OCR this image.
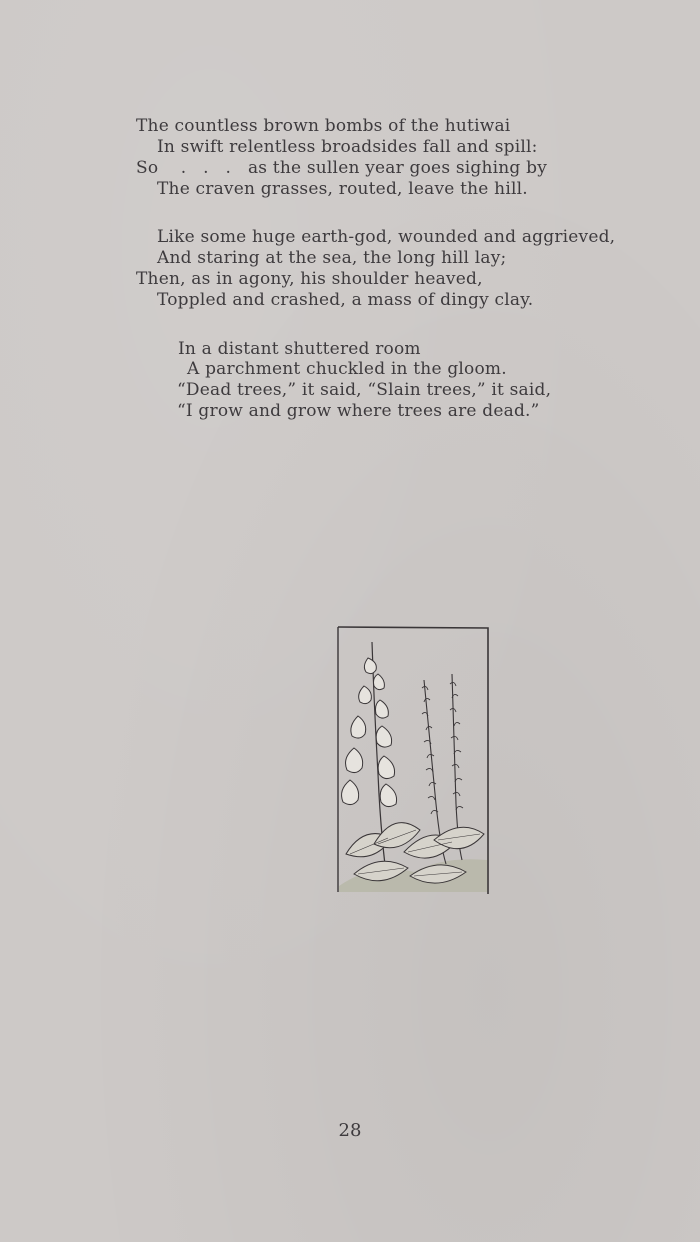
The countless brown bombs of the hutiwai
In swift relentless broadsides fall and spill:
So    .   .   .   as the sullen year goes sighing by
The craven grasses, routed, leave the hill.
Like some huge earth-god, wounded and aggrieved,
And staring at the sea, the long hill lay;
Then, as in agony, his shoulder heaved,
Toppled and crashed, a mass of dingy clay.
In a distant shuttered room
A parchment chuckled in the gloom.
“Dead trees,” it said, “Slain trees,” it said,
“I grow and grow where trees are dead.”
28
